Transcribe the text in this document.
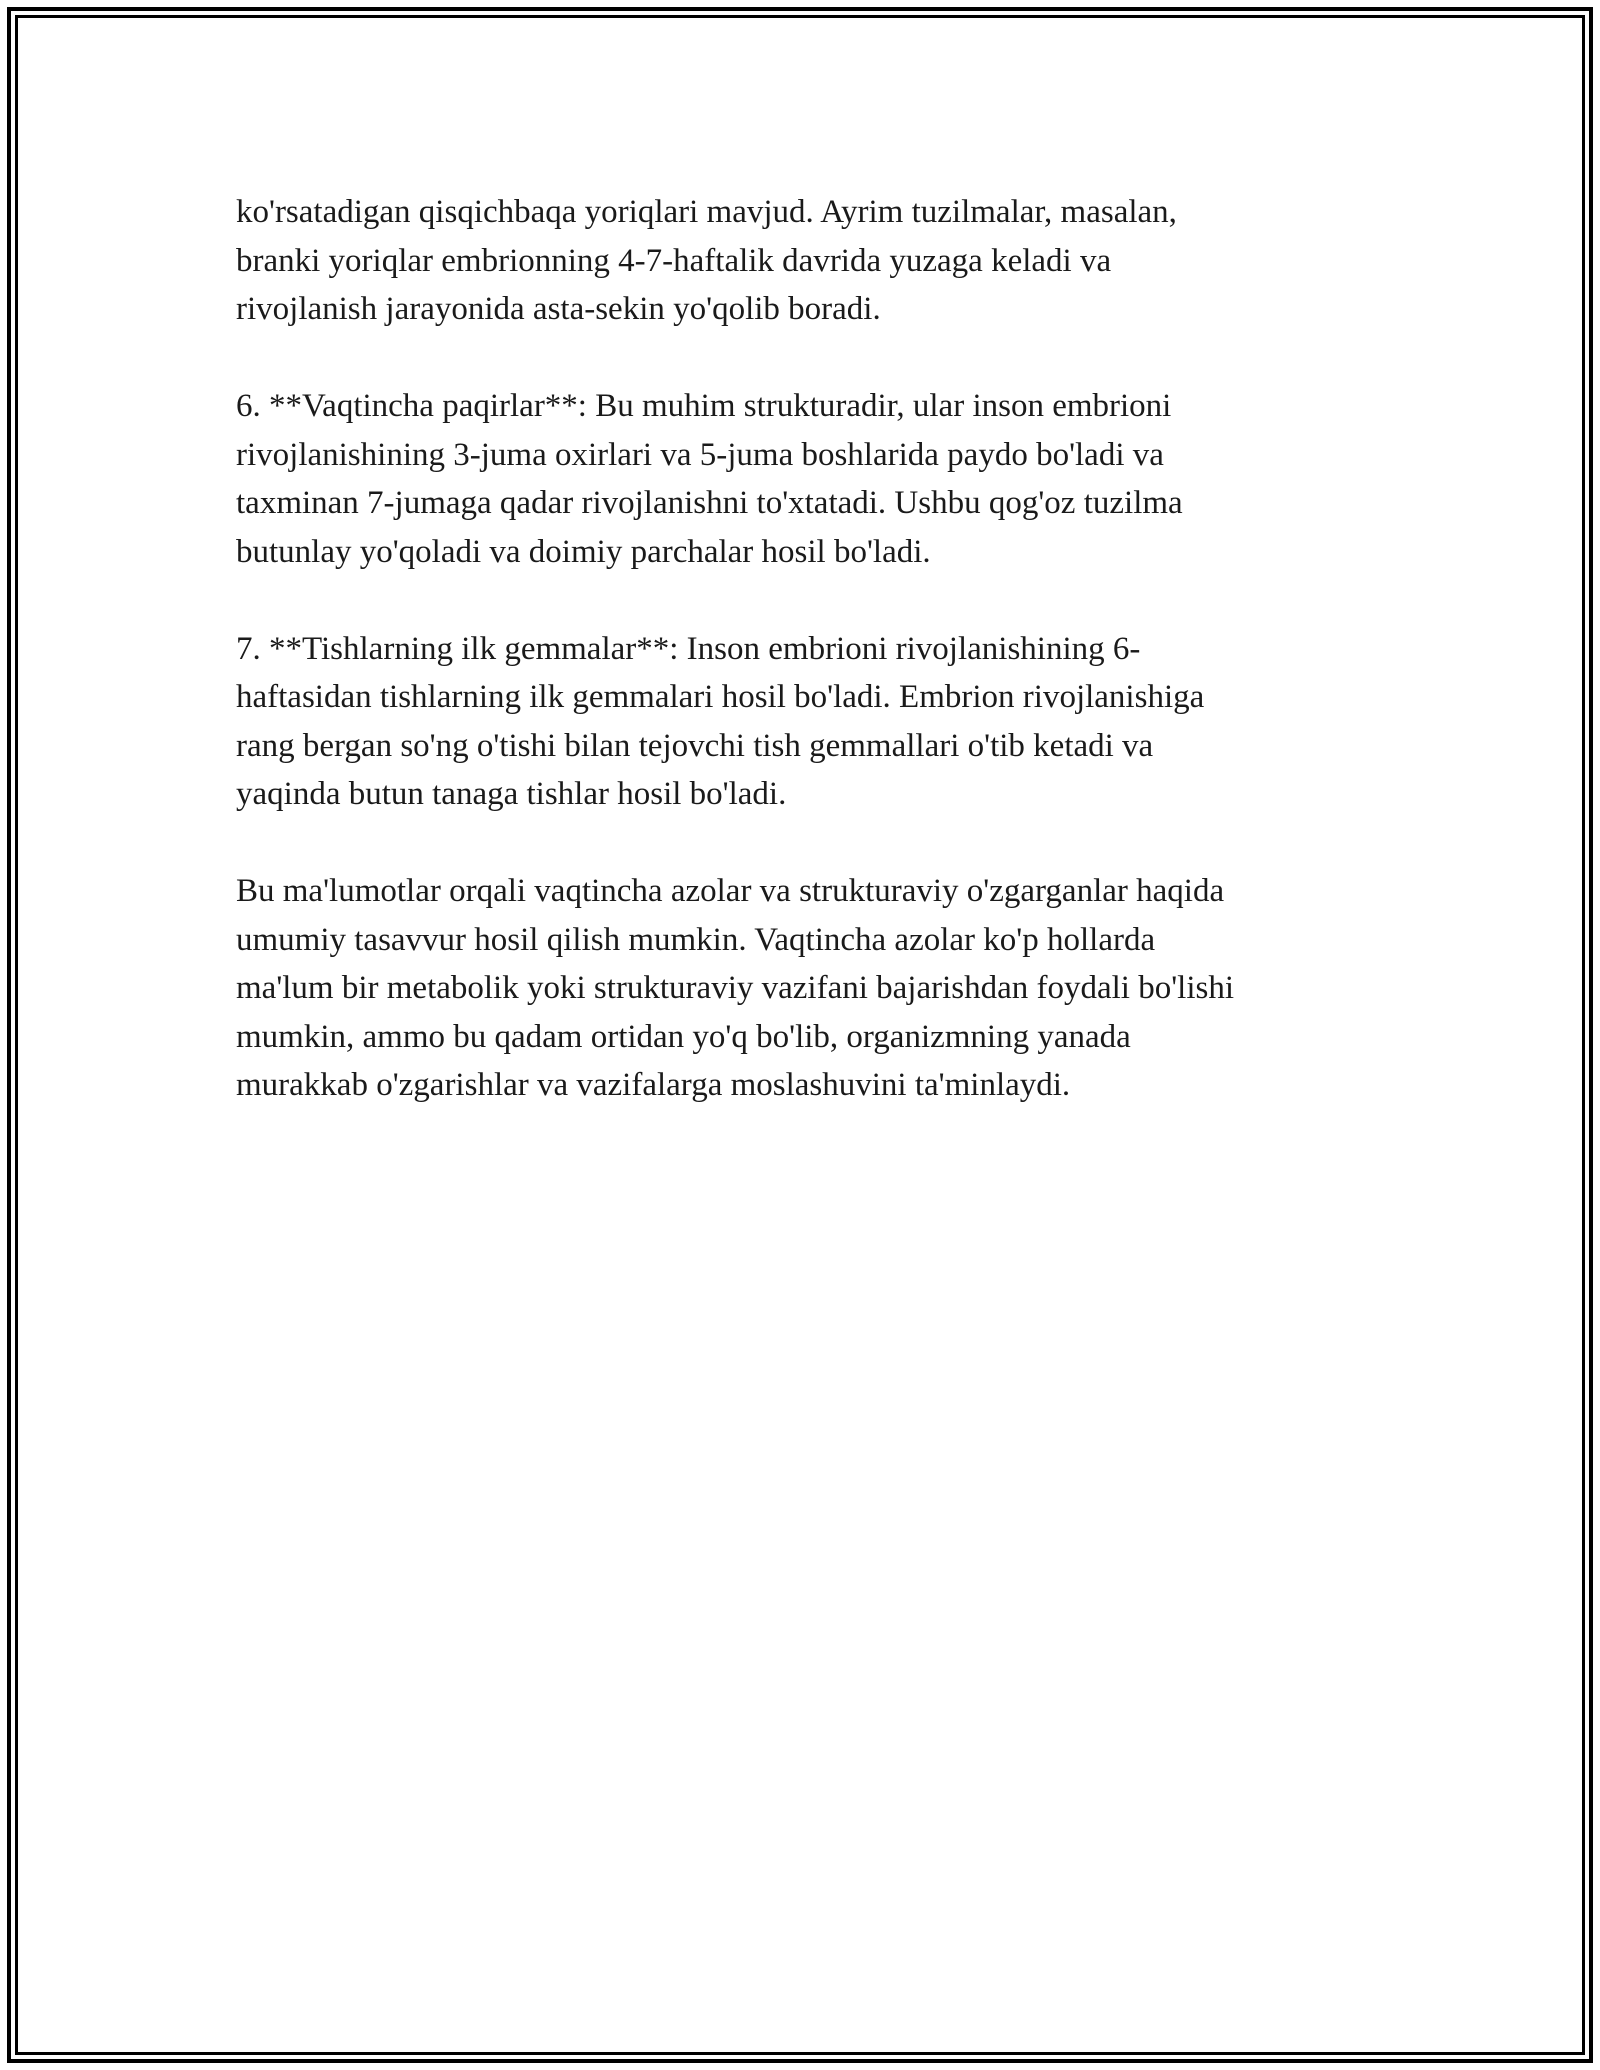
ko'rsatadigan qisqichbaqa yoriqlari mavjud. Ayrim tuzilmalar, masalan,
branki yoriqlar embrionning 4-7-haftalik davrida yuzaga keladi va
rivojlanish jarayonida asta-sekin yo'qolib boradi.
6. **Vaqtincha paqirlar**: Bu muhim strukturadir, ular inson embrioni
rivojlanishining 3-juma oxirlari va 5-juma boshlarida paydo bo'ladi va
taxminan 7-jumaga qadar rivojlanishni to'xtatadi. Ushbu qog'oz tuzilma
butunlay yo'qoladi va doimiy parchalar hosil bo'ladi.
7. **Tishlarning ilk gemmalar**: Inson embrioni rivojlanishining 6-
haftasidan tishlarning ilk gemmalari hosil bo'ladi. Embrion rivojlanishiga
rang bergan so'ng o'tishi bilan tejovchi tish gemmallari o'tib ketadi va
yaqinda butun tanaga tishlar hosil bo'ladi.
Bu ma'lumotlar orqali vaqtincha azolar va strukturaviy o'zgarganlar haqida
umumiy tasavvur hosil qilish mumkin. Vaqtincha azolar ko'p hollarda
ma'lum bir metabolik yoki strukturaviy vazifani bajarishdan foydali bo'lishi
mumkin, ammo bu qadam ortidan yo'q bo'lib, organizmning yanada
murakkab o'zgarishlar va vazifalarga moslashuvini ta'minlaydi.
